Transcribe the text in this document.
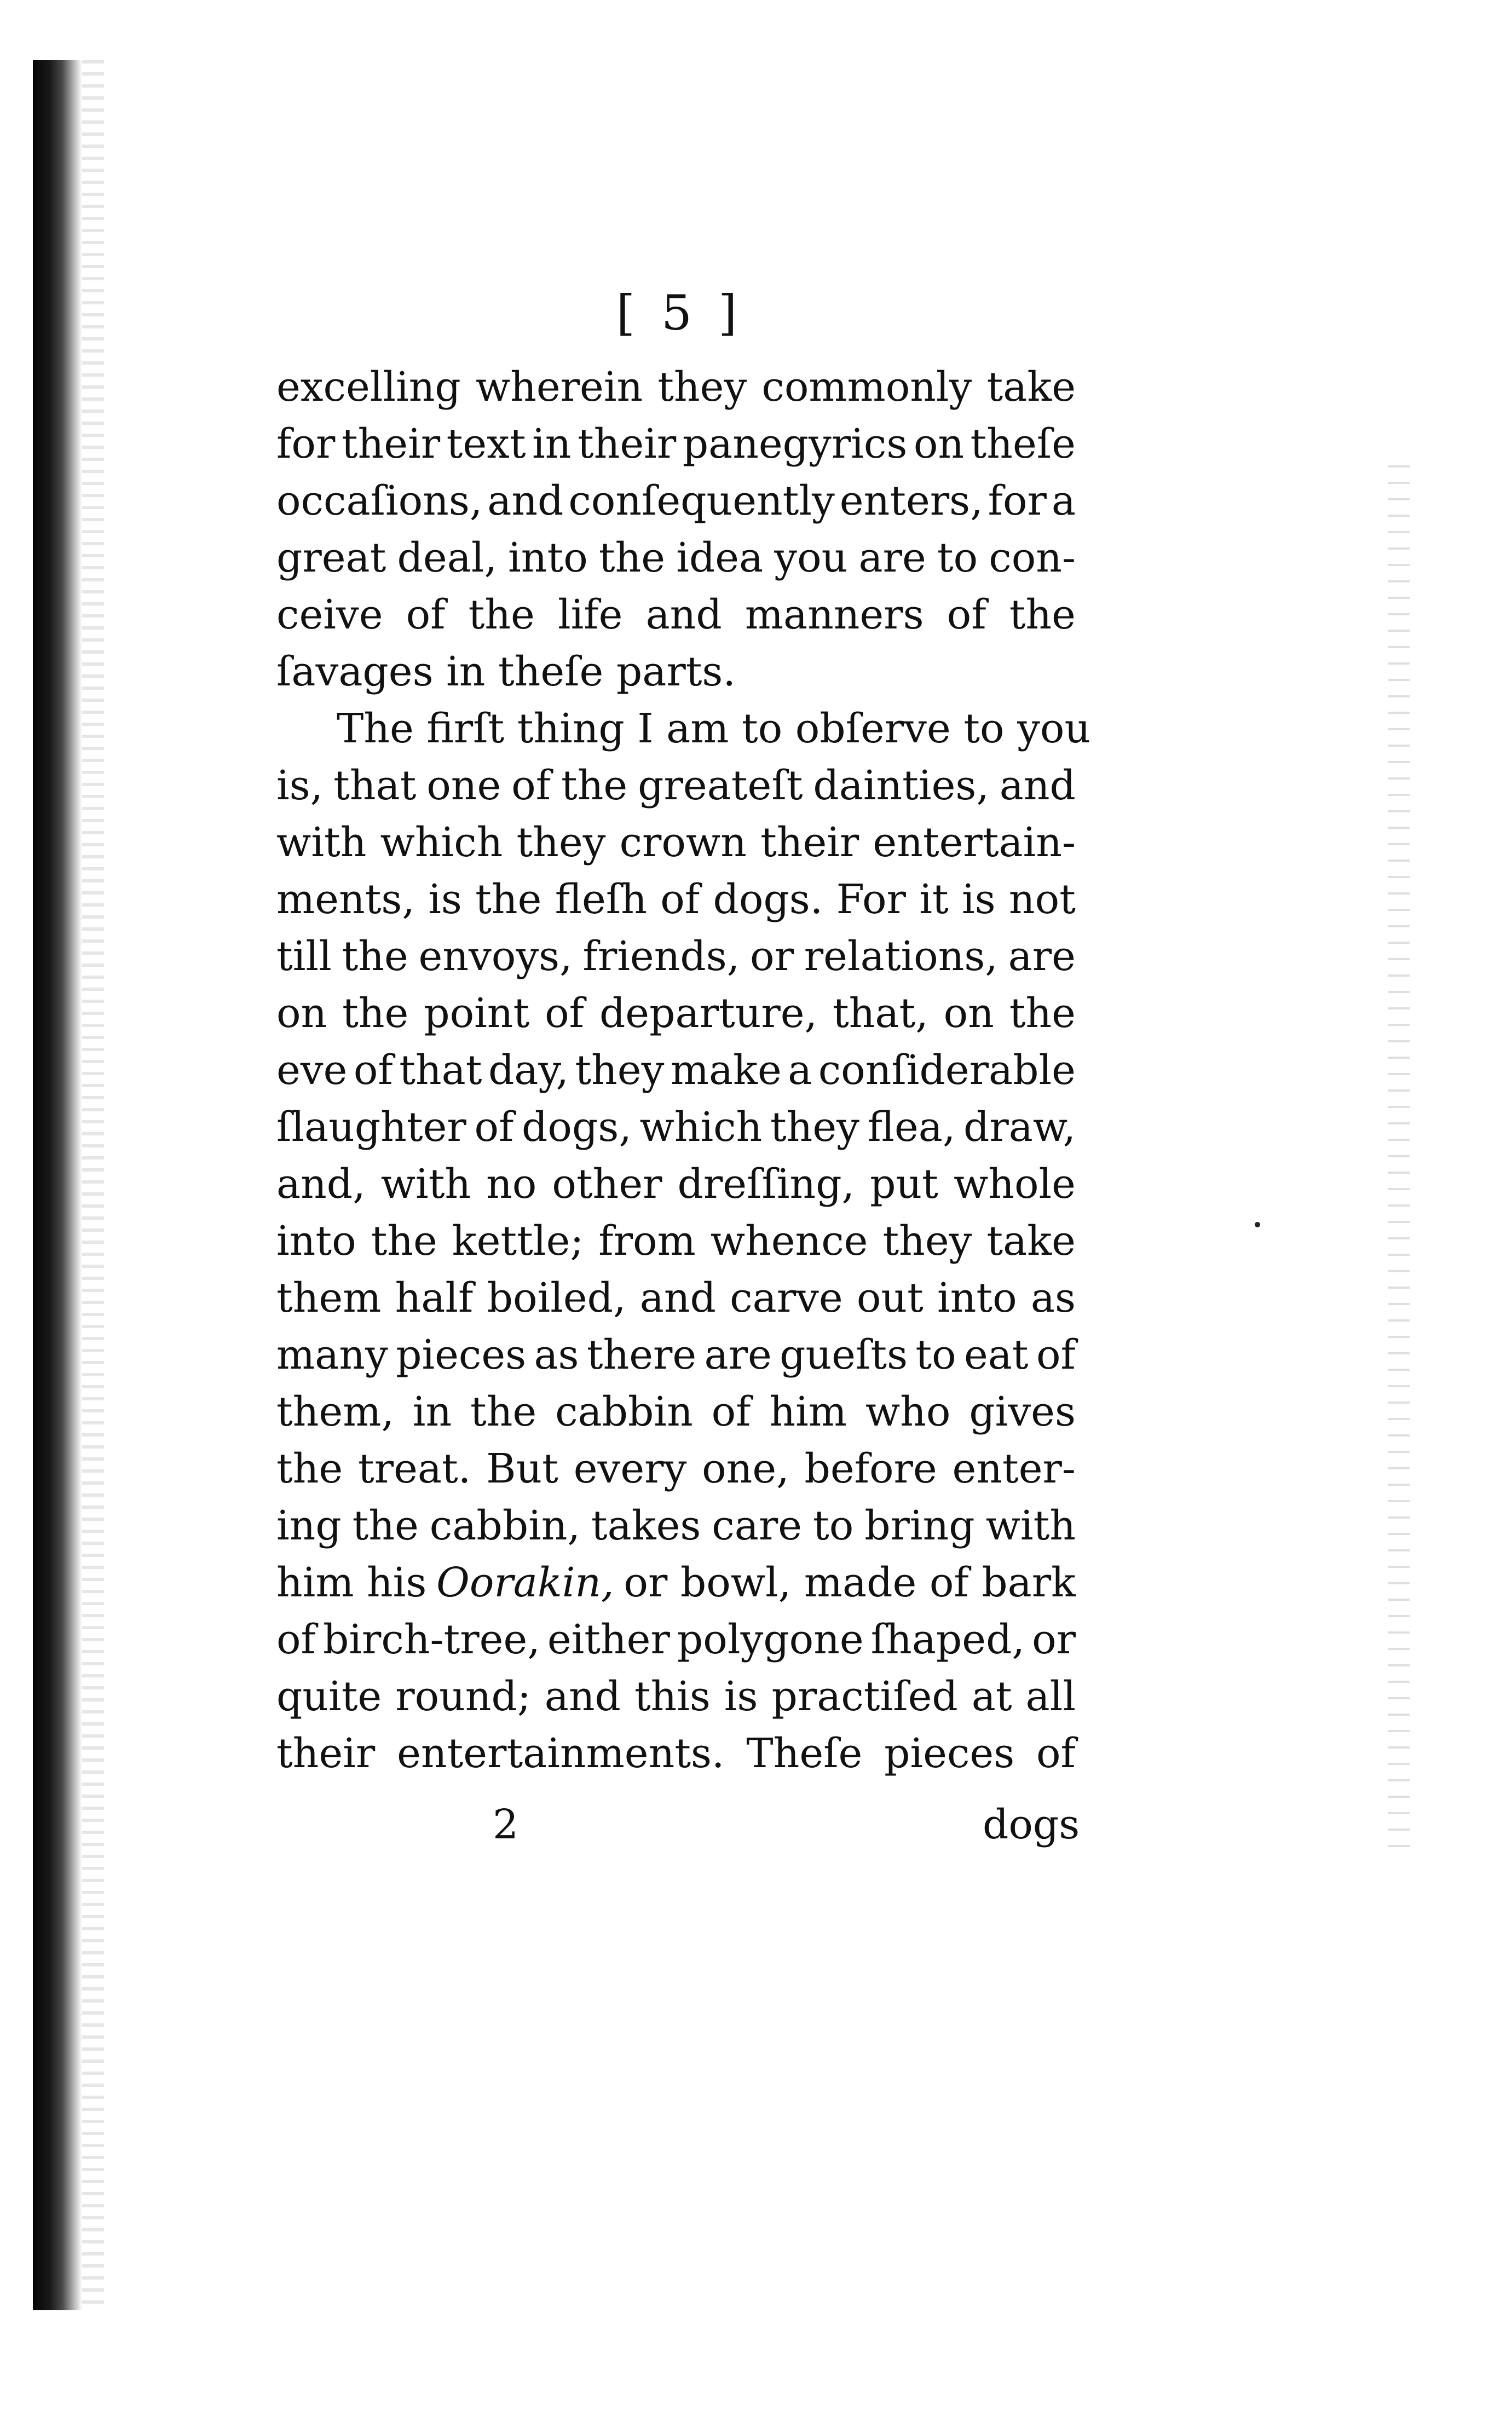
[ 5 ]
excelling wherein they commonly take
for their text in their panegyrics on theſe
occaſions, and conſequently enters, for a
great deal, into the idea you are to con-
ceive of the life and manners of the
ſavages in theſe parts.
The firſt thing I am to obſerve to you
is, that one of the greateſt dainties, and
with which they crown their entertain-
ments, is the fleſh of dogs. For it is not
till the envoys, friends, or relations, are
on the point of departure, that, on the
eve of that day, they make a conſiderable
ſlaughter of dogs, which they flea, draw,
and, with no other dreſſing, put whole
into the kettle; from whence they take
them half boiled, and carve out into as
many pieces as there are gueſts to eat of
them, in the cabbin of him who gives
the treat. But every one, before enter-
ing the cabbin, takes care to bring with
him his Oorakin, or bowl, made of bark
of birch-tree, either polygone ſhaped, or
quite round; and this is practiſed at all
their entertainments. Theſe pieces of
2	dogs
